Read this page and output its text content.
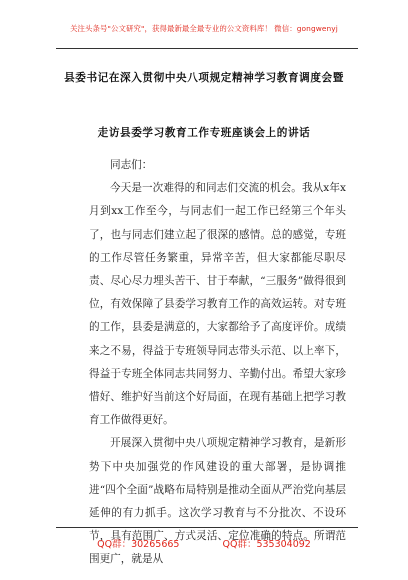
关注头条号"公文研究"，获得最新最全最专业的公文资料库！ 微信：gongwenyj
县委书记在深入贯彻中央八项规定精神学习教育调度会暨
走访县委学习教育工作专班座谈会上的讲话

同志们：

今天是一次难得的和同志们交流的机会。我从x年x月到xx工作至今，与同志们一起工作已经第三个年头了，也与同志们建立起了很深的感情。总的感觉，专班的工作尽管任务繁重，异常辛苦，但大家都能尽职尽责、尽心尽力埋头苦干、甘于奉献，“三服务”做得很到位，有效保障了县委学习教育工作的高效运转。对专班的工作，县委是满意的，大家都给予了高度评价。成绩来之不易，得益于专班领导同志带头示范、以上率下，得益于专班全体同志共同努力、辛勤付出。希望大家珍惜好、维护好当前这个好局面，在现有基础上把学习教育工作做得更好。

开展深入贯彻中央八项规定精神学习教育，是新形势下中央加强党的作风建设的重大部署，是协调推进“四个全面”战略布局特别是推动全面从严治党向基层延伸的有力抓手。这次学习教育与不分批次、不设环节，具有范围广、方式灵活、定位准确的特点。所谓范围更广，就是从

QQ群：30265665	QQ群：535304092
